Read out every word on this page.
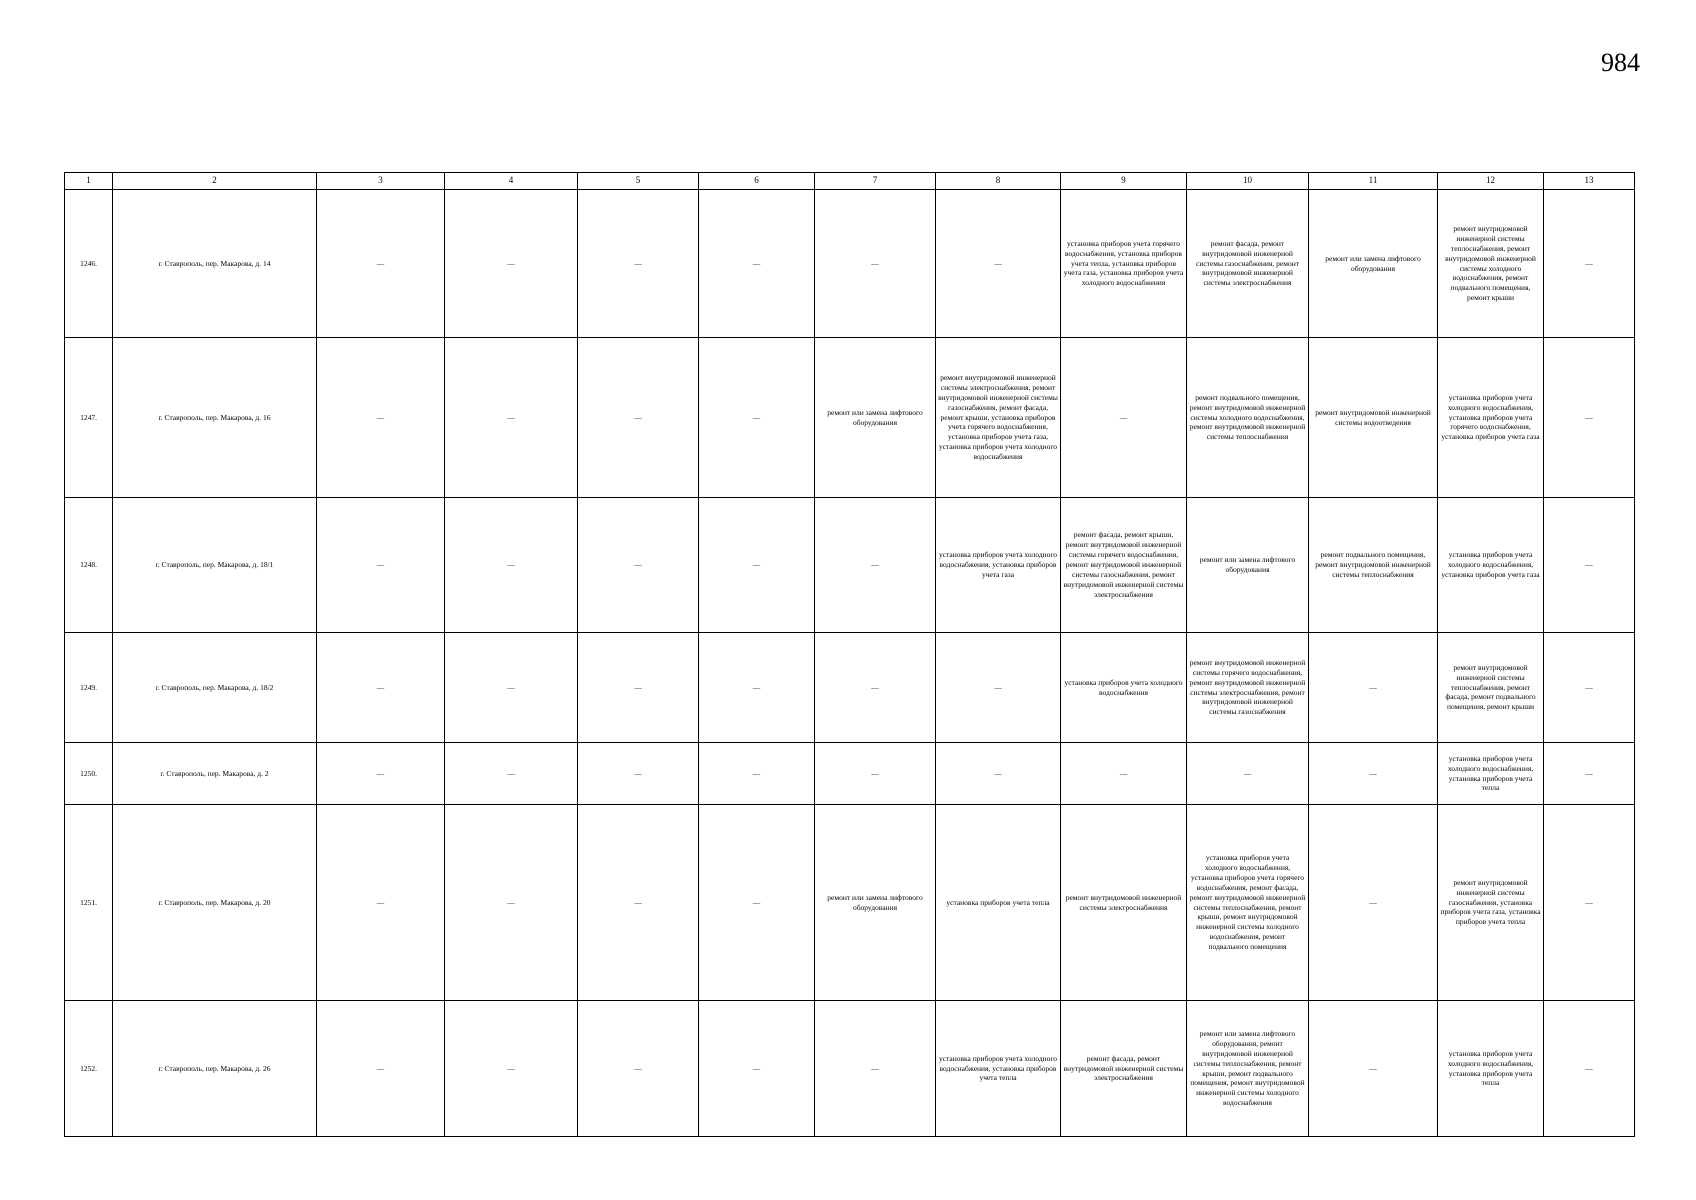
984
1	2	3	4	5	6	7	8	9	10	11	12	13
1246.	г. Ставрополь, пер. Макарова, д. 14	—	—	—	—	—	—	установка приборов учета горячего водоснабжения, установка приборов учета тепла, установка приборов учета газа, установка приборов учета холодного водоснабжения	ремонт фасада, ремонт внутридомовой инженерной системы газоснабжения, ремонт внутридомовой инженерной системы электроснабжения	ремонт или замена лифтового оборудования	ремонт внутридомовой инженерной системы теплоснабжения, ремонт внутридомовой инженерной системы холодного водоснабжения, ремонт подвального помещения, ремонт крыши	—
1247.	г. Ставрополь, пер. Макарова, д. 16	—	—	—	—	ремонт или замена лифтового оборудования	ремонт внутридомовой инженерной системы электроснабжения, ремонт внутридомовой инженерной системы газоснабжения, ремонт фасада, ремонт крыши, установка приборов учета горячего водоснабжения, установка приборов учета газа, установка приборов учета холодного водоснабжения	—	ремонт подвального помещения, ремонт внутридомовой инженерной системы холодного водоснабжения, ремонт внутридомовой инженерной системы теплоснабжения	ремонт внутридомовой инженерной системы водоотведения	установка приборов учета холодного водоснабжения, установка приборов учета горячего водоснабжения, установка приборов учета газа	—
1248.	г. Ставрополь, пер. Макарова, д. 18/1	—	—	—	—	—	установка приборов учета холодного водоснабжения, установка приборов учета газа	ремонт фасада, ремонт крыши, ремонт внутридомовой инженерной системы горячего водоснабжения, ремонт внутридомовой инженерной системы газоснабжения, ремонт внутридомовой инженерной системы электроснабжения	ремонт или замена лифтового оборудования	ремонт подвального помещения, ремонт внутридомовой инженерной системы теплоснабжения	установка приборов учета холодного водоснабжения, установка приборов учета газа	—
1249.	г. Ставрополь, пер. Макарова, д. 18/2	—	—	—	—	—	—	установка приборов учета холодного водоснабжения	ремонт внутридомовой инженерной системы горячего водоснабжения, ремонт внутридомовой инженерной системы электроснабжения, ремонт внутридомовой инженерной системы газоснабжения	—	ремонт внутридомовой инженерной системы теплоснабжения, ремонт фасада, ремонт подвального помещения, ремонт крыши	—
1250.	г. Ставрополь, пер. Макарова, д. 2	—	—	—	—	—	—	—	—	—	установка приборов учета холодного водоснабжения, установка приборов учета тепла	—
1251.	г. Ставрополь, пер. Макарова, д. 20	—	—	—	—	ремонт или замена лифтового оборудования	установка приборов учета тепла	ремонт внутридомовой инженерной системы электроснабжения	установка приборов учета холодного водоснабжения, установка приборов учета горячего водоснабжения, ремонт фасада, ремонт внутридомовой инженерной системы теплоснабжения, ремонт крыши, ремонт внутридомовой инженерной системы холодного водоснабжения, ремонт подвального помещения	—	ремонт внутридомовой инженерной системы газоснабжения, установка приборов учета газа, установка приборов учета тепла	—
1252.	г. Ставрополь, пер. Макарова, д. 26	—	—	—	—	—	установка приборов учета холодного водоснабжения, установка приборов учета тепла	ремонт фасада, ремонт внутридомовой инженерной системы электроснабжения	ремонт или замена лифтового оборудования, ремонт внутридомовой инженерной системы теплоснабжения, ремонт крыши, ремонт подвального помещения, ремонт внутридомовой инженерной системы холодного водоснабжения	—	установка приборов учета холодного водоснабжения, установка приборов учета тепла	—
